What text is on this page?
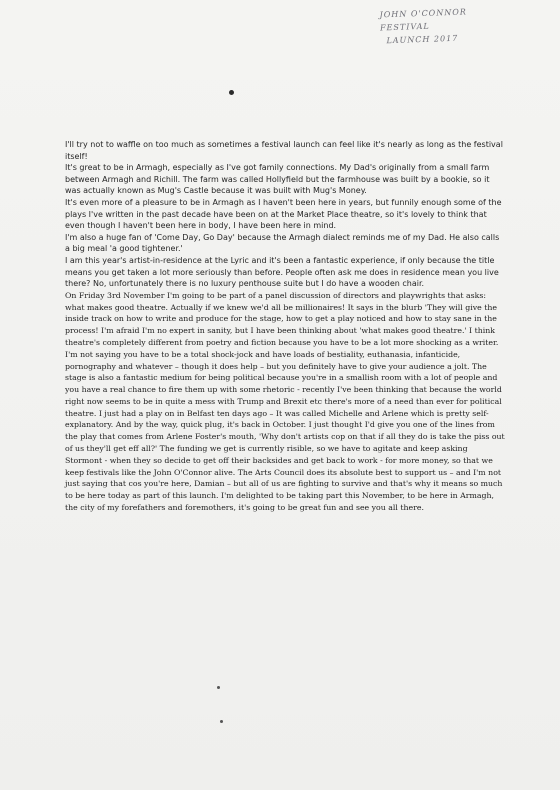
JOHN O'CONNOR FESTIVAL
LAUNCH 2017

I'll try not to waffle on too much as sometimes a festival launch can feel like it's nearly as long as the festival itself!

It's great to be in Armagh, especially as I've got family connections. My Dad's originally from a small farm between Armagh and Richill. The farm was called Hollyfield but the farmhouse was built by a bookie, so it was actually known as Mug's Castle because it was built with Mug's Money.

It's even more of a pleasure to be in Armagh as I haven't been here in years, but funnily enough some of the plays I've written in the past decade have been on at the Market Place theatre, so it's lovely to think that even though I haven't been here in body, I have been here in mind.

I'm also a huge fan of 'Come Day, Go Day' because the Armagh dialect reminds me of my Dad. He also calls a big meal 'a good tightener.'

I am this year's artist-in-residence at the Lyric and it's been a fantastic experience, if only because the title means you get taken a lot more seriously than before. People often ask me does in residence mean you live there? No, unfortunately there is no luxury penthouse suite but I do have a wooden chair.

On Friday 3rd November I'm going to be part of a panel discussion of directors and playwrights that asks: what makes good theatre. Actually if we knew we'd all be millionaires! It says in the blurb 'They will give the inside track on how to write and produce for the stage, how to get a play noticed and how to stay sane in the process! I'm afraid I'm no expert in sanity, but I have been thinking about 'what makes good theatre.' I think theatre's completely different from poetry and fiction because you have to be a lot more shocking as a writer. I'm not saying you have to be a total shock-jock and have loads of bestiality, euthanasia, infanticide, pornography and whatever – though it does help – but you definitely have to give your audience a jolt. The stage is also a fantastic medium for being political because you're in a smallish room with a lot of people and you have a real chance to fire them up with some rhetoric - recently I've been thinking that because the world right now seems to be in quite a mess with Trump and Brexit etc there's more of a need than ever for political theatre. I just had a play on in Belfast ten days ago – It was called Michelle and Arlene which is pretty self-explanatory. And by the way, quick plug, it's back in October. I just thought I'd give you one of the lines from the play that comes from Arlene Foster's mouth, 'Why don't artists cop on that if all they do is take the piss out of us they'll get eff all?' The funding we get is currently risible, so we have to agitate and keep asking Stormont - when they so decide to get off their backsides and get back to work - for more money, so that we keep festivals like the John O'Connor alive. The Arts Council does its absolute best to support us – and I'm not just saying that cos you're here, Damian – but all of us are fighting to survive and that's why it means so much to be here today as part of this launch. I'm delighted to be taking part this November, to be here in Armagh, the city of my forefathers and foremothers, it's going to be great fun and see you all there.
